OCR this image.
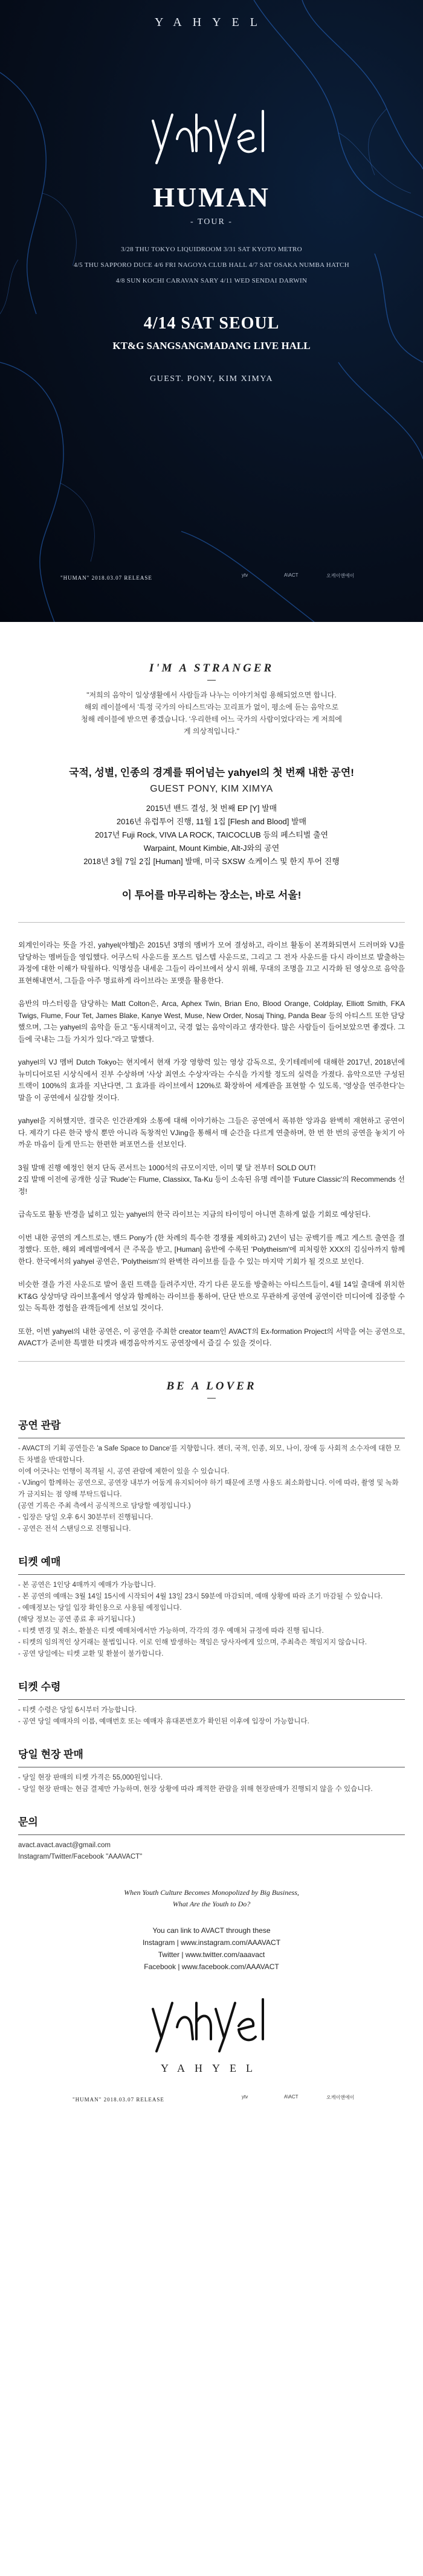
YAHYEL
HUMAN
- TOUR -
3/28 THU TOKYO LIQUIDROOM 3/31 SAT KYOTO METRO
4/5 THU SAPPORO DUCE 4/6 FRI NAGOYA CLUB HALL 4/7 SAT OSAKA NUMBA HATCH
4/8 SUN KOCHI CARAVAN SARY 4/11 WED SENDAI DARWIN
4/14 SAT SEOUL
KT&G SANGSANGMADANG LIVE HALL
GUEST. PONY, KIM XIMYA
"HUMAN" 2018.03.07 RELEASE	ytv	A\ACT	오케이앤에이
I'M A STRANGER
"저희의 음악이 일상생활에서 사람들과 나누는 이야기처럼 용해되었으면 합니다.
해외 레이블에서 '특정 국가의 아티스트'라는 꼬리표가 없이, 평소에 듣는 음악으로
청해 레이블에 받으면 좋겠습니다. '우리한테 어느 국가의 사람이었다'라는 게 저희에
게 의상적입니다."
국적, 성별, 인종의 경계를 뛰어넘는 yahyel의 첫 번째 내한 공연!
GUEST PONY, KIM XIMYA
2015년 밴드 결성, 첫 번째 EP [Y] 발매
2016년 유럽투어 진행, 11월 1집 [Flesh and Blood] 발매
2017년 Fuji Rock, VIVA LA ROCK, TAICOCLUB 등의 페스티벌 출연
Warpaint, Mount Kimbie, Alt-J와의 공연
2018년 3월 7일 2집 [Human] 발매, 미국 SXSW 쇼케이스 및 한지 투어 진행
이 투어를 마무리하는 장소는, 바로 서울!

외계인이라는 뜻을 가진, yahyel(야헬)은 2015년 3명의 멤버가 모여 결성하고, 라이브 활동이 본격화되면서 드러머와 VJ를 담당하는 멤버들을 영입했다. 어쿠스틱 사운드를 포스트 덥스텝 사운드로, 그리고 그 전자 사운드를 다시 라이브로 발출하는 과정에 대한 이해가 탁월하다. 익명성을 내세운 그들이 라이브에서 상시 위해, 무대의 조명을 끄고 시각화 된 영상으로 음악을 표현해내면서, 그들을 아주 명료하게 라이브라는 포맷을 활용한다.

음반의 마스터링을 담당하는 Matt Colton은, Arca, Aphex Twin, Brian Eno, Blood Orange, Coldplay, Elliott Smith, FKA Twigs, Flume, Four Tet, James Blake, Kanye West, Muse, New Order, Nosaj Thing, Panda Bear 등의 아티스트 또한 담당했으며, 그는 yahyel의 음악을 듣고 "동시대적이고, 국경 없는 음악이라고 생각한다. 많은 사람들이 들어보았으면 좋겠다. 그들에 국내는 그들 가치가 있다."라고 말했다.

yahyel의 VJ 멤버 Dutch Tokyo는 현지에서 현재 가장 영향력 있는 영상 감독으로, 웃기테레비에 대해한 2017년, 2018년에 뉴미디어로된 시상식에서 진부 수상하며 '사상 최연소 수상자'라는 수식을 가지할 정도의 실력을 가졌다. 음악으로만 구성된 트랙이 100%의 효과를 지난다면, 그 효과를 라이브에서 120%로 확장하여 세계관을 표현할 수 있도록, '영상을 연주한다'는 말을 이 공연에서 실감할 것이다.

yahyel을 지허했지만, 결국은 인간관계와 소통에 대해 이야기하는 그들은 공연에서 폭뷰한 앙과음 완벽히 재현하고 공연이다. 제각기 다른 한국 방식 뿐만 아니라 독창적인 VJing을 통해서 매 순간을 다르게 연출하며, 한 번 한 번의 공연을 놓치기 아까운 마음이 들게 만드는 한편한 퍼포먼스를 선보인다.

3월 발매 진행 예정인 현지 단독 콘서트는 1000석의 규모이지만, 이미 몇 달 전부터 SOLD OUT!
2집 발매 이전에 공개한 싱글 'Rude'는 Flume, Classixx, Ta-Ku 등이 소속된 유명 레이블 'Future Classic'의 Recommends 선정!

급속도로 활동 반경을 넓히고 있는 yahyel의 한국 라이브는 지금의 타이밍이 아니면 흔하게 없을 기회로 예상된다.

이번 내한 공연의 게스트로는, 밴드 Pony가 (한 차례의 특수한 경쟁률 제외하고) 2년이 넘는 공백기를 깨고 게스트 출연을 결정했다. 또한, 해외 페레벌에에서 큰 주목을 받고, [Human] 음반에 수록된 'Polytheism'에 피처링한 XXX의 김심아까지 함께한다. 한국에서의 yahyel 공연은, 'Polytheism'의 완벽한 라이브를 들을 수 있는 마지막 기회가 될 것으로 보인다.

비슷한 결을 가진 사운드로 발어 올린 트랙을 들려주지만, 각기 다른 문도를 방출하는 아티스트들이, 4월 14일 출대에 위치한 KT&G 상상마당 라이브홀에서 영상과 함께하는 라이브를 통하여, 단단 반으로 무관하게 공연에 공연이란 미디어에 집중할 수 있는 독특한 경험을 관객들에게 선보일 것이다.

또한, 이번 yahyel의 내한 공연은, 이 공연을 주최한 creator team인 AVACT의 Ex-formation Project의 서막을 여는 공연으로, AVACT가 준비한 특별한 티켓과 배경음악까지도 공연장에서 즐길 수 있을 것이다.

BE A LOVER
공연 관람
- AVACT의 기획 공연들은 'a Safe Space to Dance'를 지향합니다. 젠더, 국적, 인종, 외모, 나이, 장애 등 사회적 소수자에 대한 모든 차별을 반대합니다.
이에 어긋나는 언행이 목격될 시, 공연 관람에 제한이 있을 수 있습니다.
- VJing이 함께하는 공연으로, 공연장 내부가 어둠게 유지되어야 하기 때문에 조명 사용도 최소화합니다. 이에 따라, 촬영 및 녹화가 금지되는 점 양해 부탁드립니다.
(공연 기록은 주최 측에서 공식적으로 담당할 예정입니다.)
- 입장은 당일 오후 6시 30분부터 진행됩니다.
- 공연은 전석 스탠딩으로 진행됩니다.
티켓 예매
- 본 공연은 1인당 4매까지 예매가 가능합니다.
- 본 공연의 예매는 3월 14일 15시에 시작되어 4월 13일 23시 59분에 마감되며, 예매 상황에 따라 조기 마감될 수 있습니다.
- 예매정보는 당일 입장 확인용으로 사용될 예정입니다.
(해당 정보는 공연 종료 후 파기됩니다.)
- 티켓 변경 및 취소, 환불은 티켓 예매처에서만 가능하며, 각각의 경우 예매처 규정에 따라 진행 됩니다.
- 티켓의 임의적인 상거래는 불법입니다. 이로 인해 발생하는 책임은 당사자에게 있으며, 주최측은 책임지지 않습니다.
- 공연 당일에는 티켓 교환 및 환불이 불가합니다.
티켓 수령
- 티켓 수령은 당일 6시부터 가능합니다.
- 공연 당일 예매자의 이름, 예매번호 또는 예매자 휴대폰번호가 확인된 이후에 입장이 가능합니다.
당일 현장 판매
- 당일 현장 판매의 티켓 가격은 55,000원입니다.
- 당일 현장 판매는 현금 결제만 가능하며, 현장 상황에 따라 쾌적한 관람을 위해 현장판매가 진행되지 않을 수 있습니다.
문의
avact.avact.avact@gmail.com
Instagram/Twitter/Facebook "AAAVACT"
When Youth Culture Becomes Monopolized by Big Business,
What Are the Youth to Do?
You can link to AVACT through these
Instagram | www.instagram.com/AAAVACT
Twitter | www.twitter.com/aaavact
Facebook | www.facebook.com/AAAVACT
YAHYEL
"HUMAN" 2018.03.07 RELEASE	ytv	A\ACT	오케이앤에이
